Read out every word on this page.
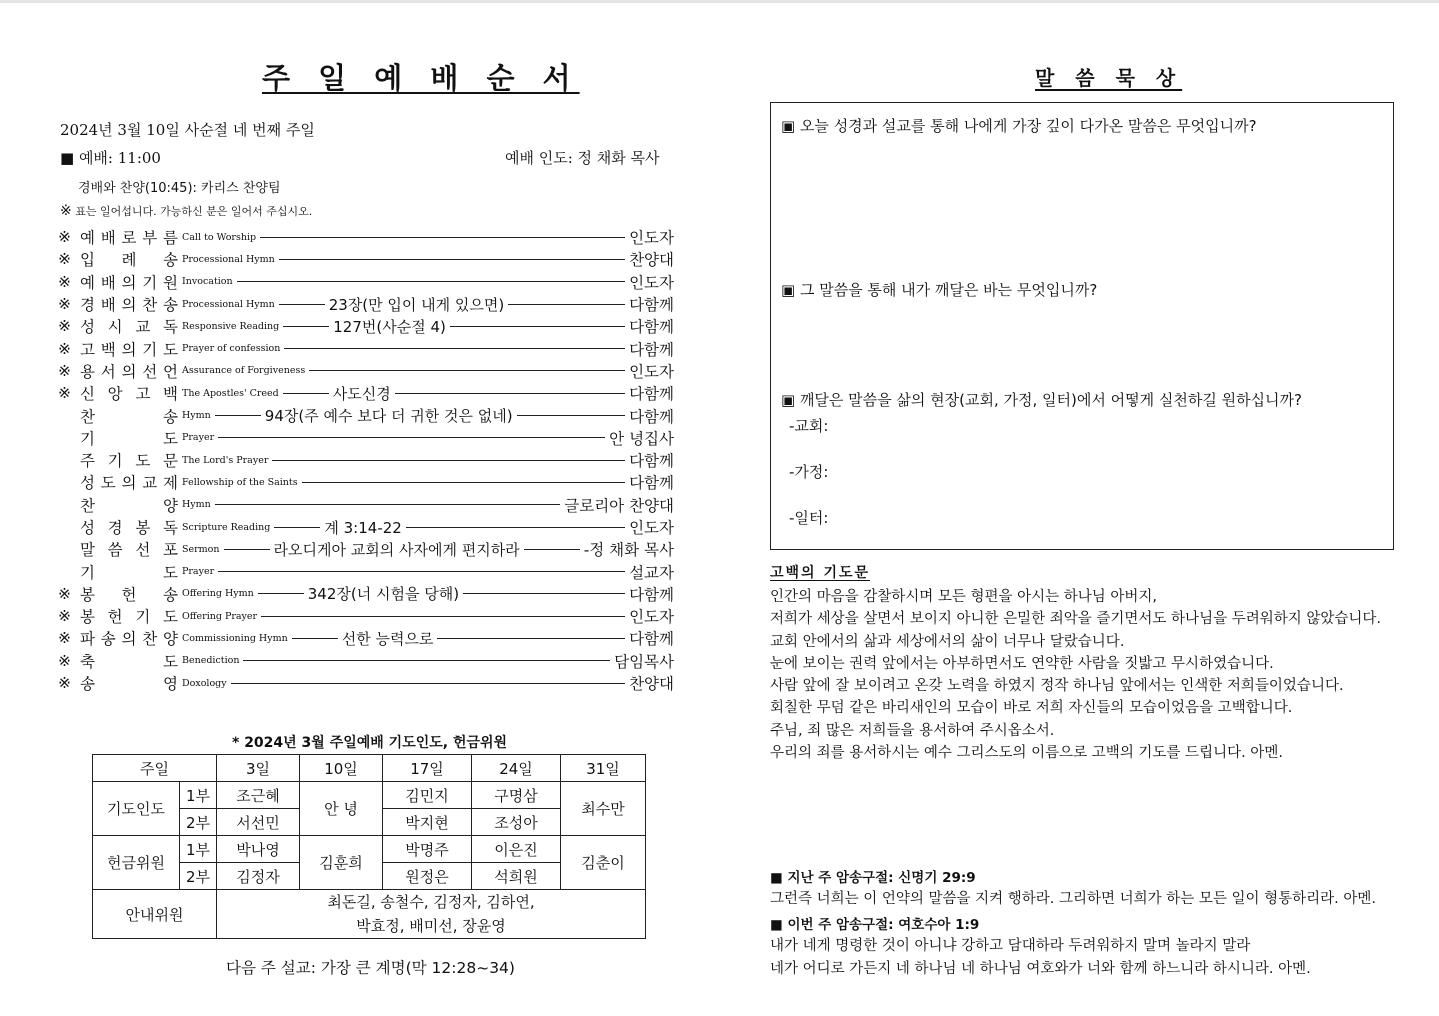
주 일 예 배 순 서
2024년 3월 10일 사순절 네 번째 주일
■ 예배: 11:00	예배 인도: 정 채화 목사
경배와 찬양(10:45): 카리스 찬양팀
※ 표는 일어섭니다. 가능하신 분은 일어서 주십시오.
※ 예 배 로 부 름 Call to Worship	인도자
※ 입 례 송 Processional Hymn	찬양대
※ 예 배 의 기 원 Invocation	인도자
※ 경 배 의 찬 송 Processional Hymn	23장(만 입이 내게 있으면)	다함께
※ 성 시 교 독 Responsive Reading	127번(사순절 4)	다함께
※ 고 백 의 기 도 Prayer of confession	다함께
※ 용 서 의 선 언 Assurance of Forgiveness	인도자
※ 신 앙 고 백 The Apostles' Creed	사도신경	다함께
찬	송 Hymn	94장(주 예수 보다 더 귀한 것은 없네)	다함께
기	도 Prayer	안 녕집사
주 기 도 문 The Lord's Prayer	다함께
성 도 의 교 제 Fellowship of the Saints	다함께
찬	양 Hymn	글로리아 찬양대
성 경 봉 독 Scripture Reading	계 3:14-22	인도자
말 씀 선 포 Sermon	라오디게아 교회의 사자에게 편지하라	-정 채화 목사
기	도 Prayer	설교자
※ 봉 헌 송 Offering Hymn	342장(너 시험을 당해)	다함께
※ 봉 헌 기 도 Offering Prayer	인도자
※ 파 송 의 찬 양 Commissioning Hymn	선한 능력으로	다함께
※ 축	도 Benediction	담임목사
※ 송	영 Doxology	찬양대
* 2024년 3월 주일예배 기도인도, 헌금위원
주일		3일	10일	17일	24일	31일
기도인도	1부	조근혜	안 녕	김민지	구명삼	최수만
	2부	서선민		박지현	조성아	
헌금위원	1부	박나영	김훈희	박명주	이은진	김춘이
	2부	김정자		원정은	석희원	
안내위원		최돈길, 송철수, 김정자, 김하연,
박효정, 배미선, 장윤영				
다음 주 설교: 가장 큰 계명(막 12:28~34)
말 씀 묵 상
▣ 오늘 성경과 설교를 통해 나에게 가장 깊이 다가온 말씀은 무엇입니까?
▣ 그 말씀을 통해 내가 깨달은 바는 무엇입니까?
▣ 깨달은 말씀을 삶의 현장(교회, 가정, 일터)에서 어떻게 실천하길 원하십니까?
-교회:
-가정:
-일터:
고백의 기도문
인간의 마음을 감찰하시며 모든 형편을 아시는 하나님 아버지,
저희가 세상을 살면서 보이지 아니한 은밀한 죄악을 즐기면서도 하나님을 두려워하지 않았습니다.
교회 안에서의 삶과 세상에서의 삶이 너무나 달랐습니다.
눈에 보이는 권력 앞에서는 아부하면서도 연약한 사람을 짓밟고 무시하였습니다.
사람 앞에 잘 보이려고 온갖 노력을 하였지 정작 하나님 앞에서는 인색한 저희들이었습니다.
회칠한 무덤 같은 바리새인의 모습이 바로 저희 자신들의 모습이었음을 고백합니다.
주님, 죄 많은 저희들을 용서하여 주시옵소서.
우리의 죄를 용서하시는 예수 그리스도의 이름으로 고백의 기도를 드립니다. 아멘.
■ 지난 주 암송구절: 신명기 29:9
그런즉 너희는 이 언약의 말씀을 지켜 행하라. 그리하면 너희가 하는 모든 일이 형통하리라. 아멘.
■ 이번 주 암송구절: 여호수아 1:9
내가 네게 명령한 것이 아니냐 강하고 담대하라 두려워하지 말며 놀라지 말라
네가 어디로 가든지 네 하나님 네 하나님 여호와가 너와 함께 하느니라 하시니라. 아멘.
